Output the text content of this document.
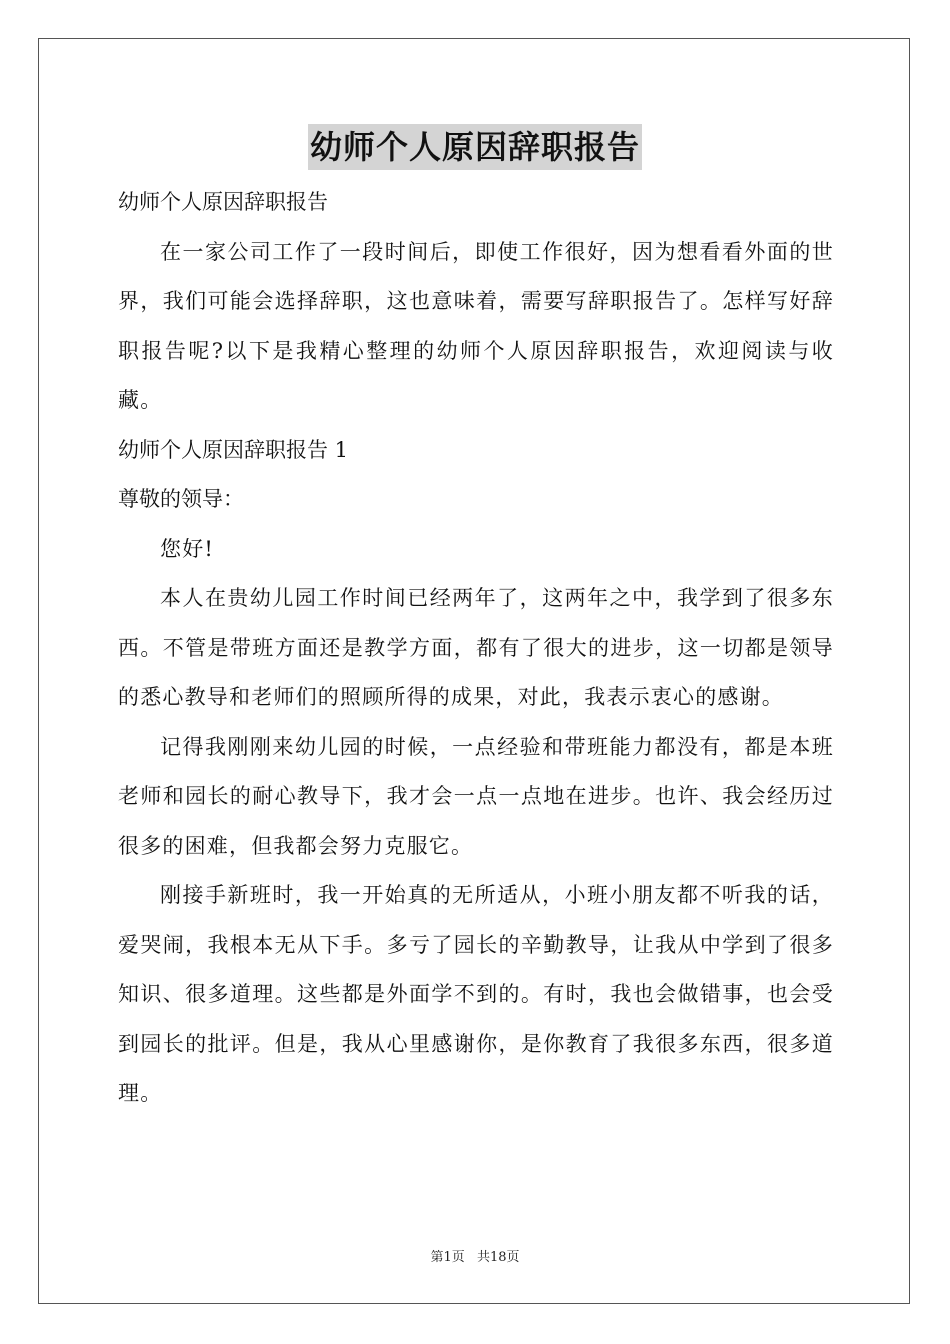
幼师个人原因辞职报告

幼师个人原因辞职报告

在一家公司工作了一段时间后，即使工作很好，因为想看看外面的世界，我们可能会选择辞职，这也意味着，需要写辞职报告了。怎样写好辞职报告呢?以下是我精心整理的幼师个人原因辞职报告，欢迎阅读与收藏。

幼师个人原因辞职报告 1

尊敬的领导：

您好!

本人在贵幼儿园工作时间已经两年了，这两年之中，我学到了很多东西。不管是带班方面还是教学方面，都有了很大的进步，这一切都是领导的悉心教导和老师们的照顾所得的成果，对此，我表示衷心的感谢。

记得我刚刚来幼儿园的时候，一点经验和带班能力都没有，都是本班老师和园长的耐心教导下，我才会一点一点地在进步。也许、我会经历过很多的困难，但我都会努力克服它。

刚接手新班时，我一开始真的无所适从，小班小朋友都不听我的话，爱哭闹，我根本无从下手。多亏了园长的辛勤教导，让我从中学到了很多知识、很多道理。这些都是外面学不到的。有时，我也会做错事，也会受到园长的批评。但是，我从心里感谢你，是你教育了我很多东西，很多道理。

第1页 共18页
